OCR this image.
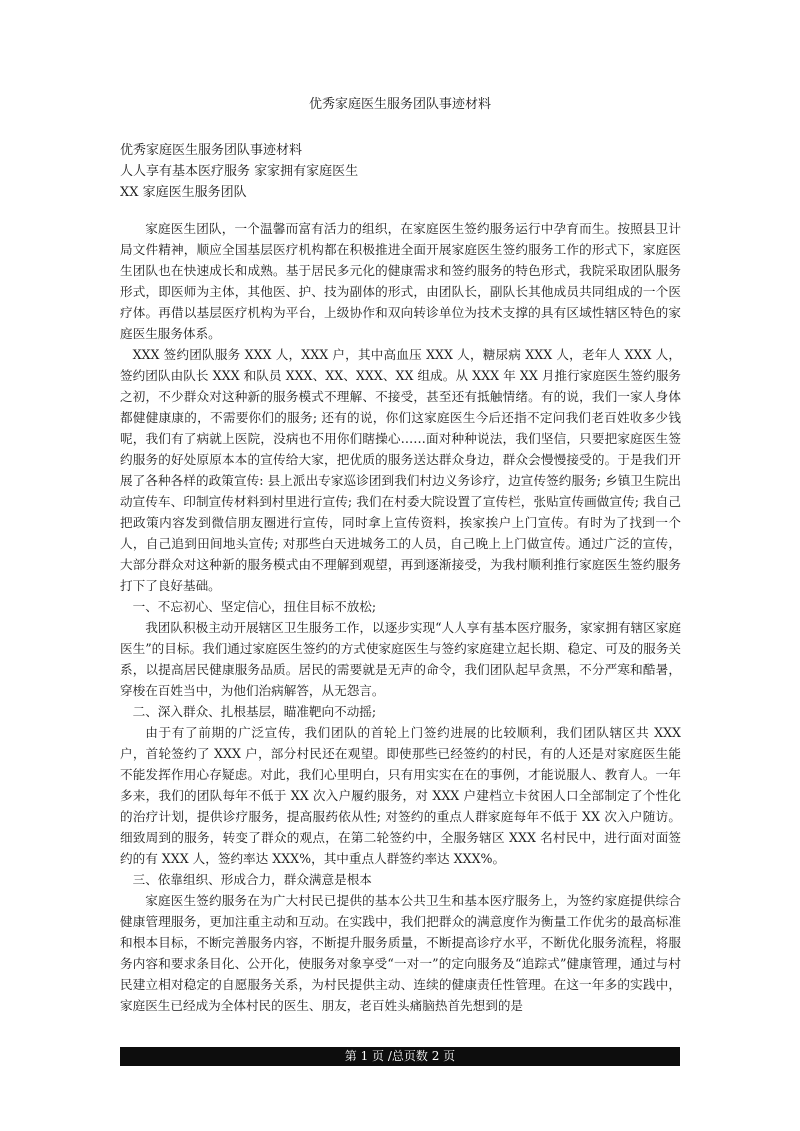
优秀家庭医生服务团队事迹材料
优秀家庭医生服务团队事迹材料
人人享有基本医疗服务 家家拥有家庭医生
XX 家庭医生服务团队

家庭医生团队，一个温馨而富有活力的组织，在家庭医生签约服务运行中孕育而生。按照县卫计局文件精神，顺应全国基层医疗机构都在积极推进全面开展家庭医生签约服务工作的形式下，家庭医生团队也在快速成长和成熟。基于居民多元化的健康需求和签约服务的特色形式，我院采取团队服务形式，即医师为主体，其他医、护、技为副体的形式，由团队长，副队长其他成员共同组成的一个医疗体。再借以基层医疗机构为平台，上级协作和双向转诊单位为技术支撑的具有区域性辖区特色的家庭医生服务体系。

XXX 签约团队服务 XXX 人，XXX 户，其中高血压 XXX 人，糖尿病 XXX 人，老年人 XXX 人，签约团队由队长 XXX 和队员 XXX、XX、XXX、XX 组成。从 XXX 年 XX 月推行家庭医生签约服务之初，不少群众对这种新的服务模式不理解、不接受，甚至还有抵触情绪。有的说，我们一家人身体都健健康康的，不需要你们的服务; 还有的说，你们这家庭医生今后还指不定问我们老百姓收多少钱呢，我们有了病就上医院，没病也不用你们瞎操心……面对种种说法，我们坚信，只要把家庭医生签约服务的好处原原本本的宣传给大家，把优质的服务送达群众身边，群众会慢慢接受的。于是我们开展了各种各样的政策宣传: 县上派出专家巡诊团到我们村边义务诊疗，边宣传签约服务; 乡镇卫生院出动宣传车、印制宣传材料到村里进行宣传; 我们在村委大院设置了宣传栏，张贴宣传画做宣传; 我自己把政策内容发到微信朋友圈进行宣传，同时拿上宣传资料，挨家挨户上门宣传。有时为了找到一个人，自己追到田间地头宣传; 对那些白天进城务工的人员，自己晚上上门做宣传。通过广泛的宣传，大部分群众对这种新的服务模式由不理解到观望，再到逐渐接受，为我村顺利推行家庭医生签约服务打下了良好基础。

一、不忘初心、坚定信心，扭住目标不放松;

我团队积极主动开展辖区卫生服务工作，以逐步实现“人人享有基本医疗服务，家家拥有辖区家庭医生”的目标。我们通过家庭医生签约的方式使家庭医生与签约家庭建立起长期、稳定、可及的服务关系，以提高居民健康服务品质。居民的需要就是无声的命令，我们团队起早贪黑，不分严寒和酷暑，穿梭在百姓当中，为他们治病解答，从无怨言。

二、深入群众、扎根基层，瞄准靶向不动摇;

由于有了前期的广泛宣传，我们团队的首轮上门签约进展的比较顺利，我们团队辖区共 XXX 户，首轮签约了 XXX 户，部分村民还在观望。即使那些已经签约的村民，有的人还是对家庭医生能不能发挥作用心存疑虑。对此，我们心里明白，只有用实实在在的事例，才能说服人、教育人。一年多来，我们的团队每年不低于 XX 次入户履约服务，对 XXX 户建档立卡贫困人口全部制定了个性化的治疗计划，提供诊疗服务，提高服药依从性; 对签约的重点人群家庭每年不低于 XX 次入户随访。细致周到的服务，转变了群众的观点，在第二轮签约中，全服务辖区 XXX 名村民中，进行面对面签约的有 XXX 人，签约率达 XXX%，其中重点人群签约率达 XXX%。

三、依靠组织、形成合力，群众满意是根本

家庭医生签约服务在为广大村民已提供的基本公共卫生和基本医疗服务上，为签约家庭提供综合健康管理服务，更加注重主动和互动。在实践中，我们把群众的满意度作为衡量工作优劣的最高标准和根本目标，不断完善服务内容，不断提升服务质量，不断提高诊疗水平，不断优化服务流程，将服务内容和要求条目化、公开化，使服务对象享受“一对一”的定向服务及“追踪式”健康管理，通过与村民建立相对稳定的自愿服务关系，为村民提供主动、连续的健康责任性管理。在这一年多的实践中，家庭医生已经成为全体村民的医生、朋友，老百姓头痛脑热首先想到的是

第 1 页 /总页数 2 页
